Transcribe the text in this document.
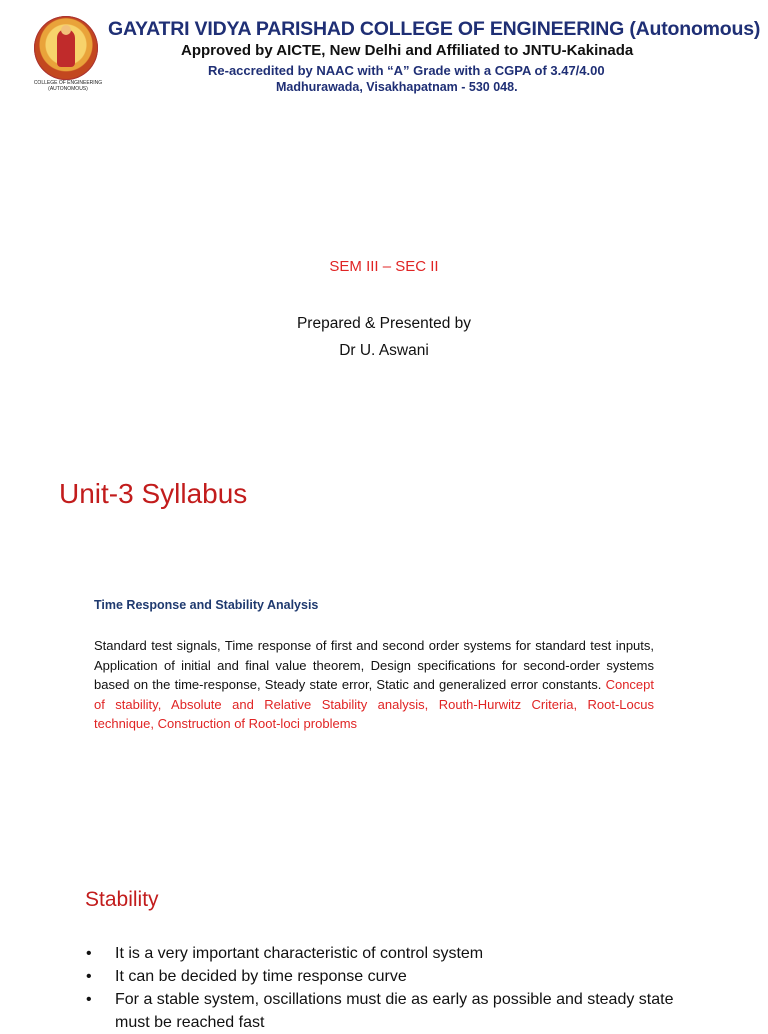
COLLEGE OF ENGINEERING (AUTONOMOUS)
GAYATRI VIDYA PARISHAD COLLEGE OF ENGINEERING (Autonomous)
Approved by AICTE, New Delhi and Affiliated to JNTU-Kakinada
Re-accredited by NAAC with “A” Grade with a CGPA of 3.47/4.00
Madhurawada, Visakhapatnam - 530 048.
SEM III – SEC II
Prepared & Presented by
Dr U. Aswani
Unit-3 Syllabus
Time Response and Stability Analysis
Standard test signals, Time response of first and second order systems for standard test inputs, Application of initial and final value theorem, Design specifications for second-order systems based on the time-response, Steady state error, Static and generalized error constants. Concept of stability, Absolute and Relative Stability analysis, Routh-Hurwitz Criteria, Root-Locus technique, Construction of Root-loci problems
Stability
• It is a very important characteristic of control system
• It can be decided by time response curve
• For a stable system, oscillations must die as early as possible and steady state must be reached fast
